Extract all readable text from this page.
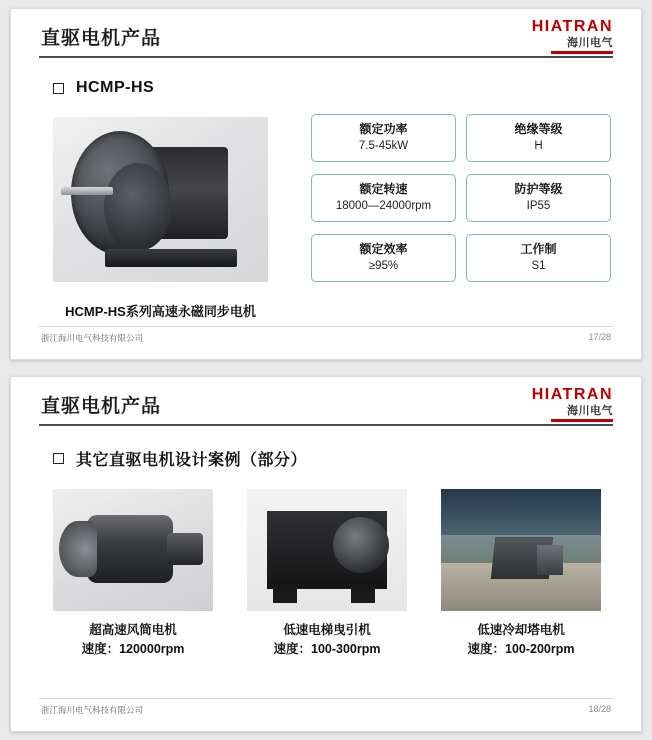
直驱电机产品
HIATRAN
海川电气
HCMP-HS
HCMP-HS系列高速永磁同步电机
额定功率
7.5-45kW
绝缘等级
H
额定转速
18000—24000rpm
防护等级
IP55
额定效率
≥95%
工作制
S1
浙江海川电气科技有限公司	17/28
直驱电机产品
HIATRAN
海川电气
其它直驱电机设计案例（部分）
超高速风筒电机
速度：120000rpm
低速电梯曳引机
速度：100-300rpm
低速冷却塔电机
速度：100-200rpm
浙江海川电气科技有限公司	18/28
